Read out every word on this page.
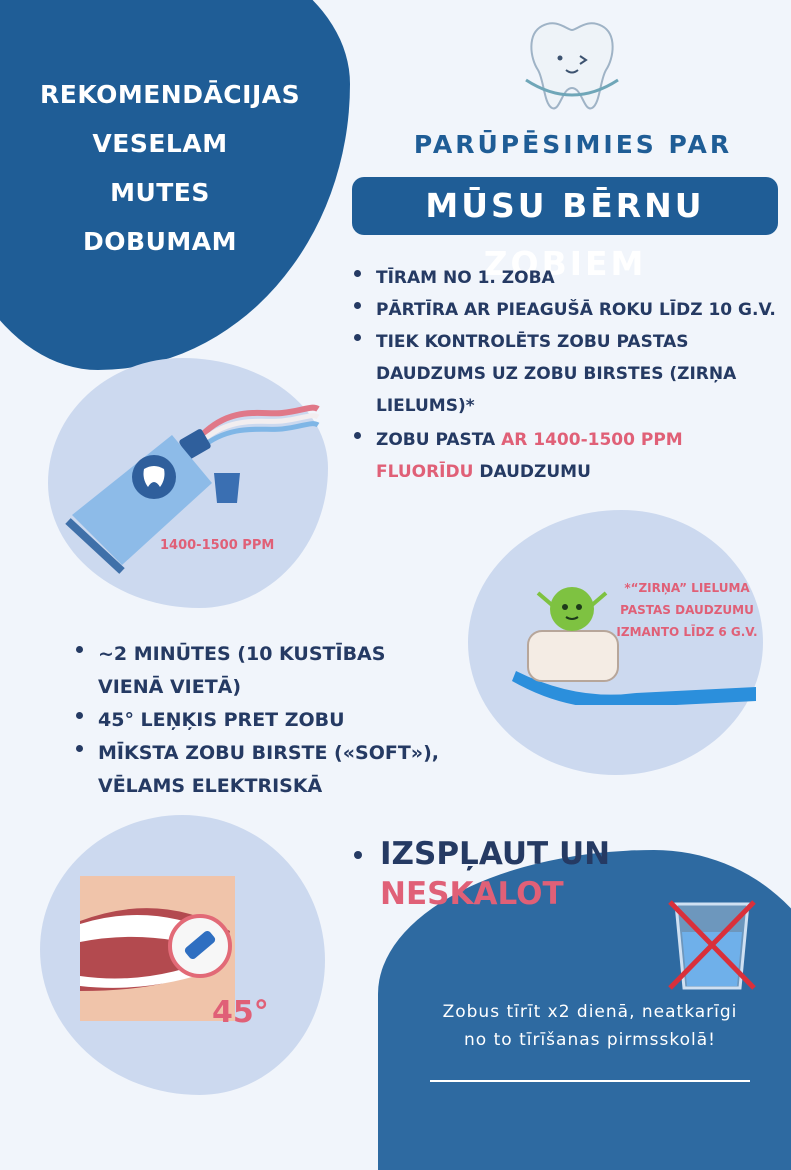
REKOMENDĀCIJAS
VESELAM
MUTES DOBUMAM
PARŪPĒSIMIES PAR
MŪSU BĒRNU ZOBIEM
TĪRAM NO 1. ZOBA
PĀRTĪRA AR PIEAGUŠĀ ROKU LĪDZ 10 G.V.
TIEK KONTROLĒTS ZOBU PASTAS DAUDZUMS UZ ZOBU BIRSTES (ZIRŅA LIELUMS)*
ZOBU PASTA AR 1400-1500 PPM FLUORĪDU DAUDZUMU
1400-1500 PPM
*“ZIRŅA” LIELUMA PASTAS DAUDZUMU IZMANTO LĪDZ 6 G.V.
~2 MINŪTES (10 KUSTĪBAS VIENĀ VIETĀ)
45° LEŅĶIS PRET ZOBU
MĪKSTA ZOBU BIRSTE («SOFT»), VĒLAMS ELEKTRISKĀ
IZSPĻAUT UN NESKALOT
45°	Zobus tīrīt x2 dienā, neatkarīgi no to tīrīšanas pirmsskolā!
